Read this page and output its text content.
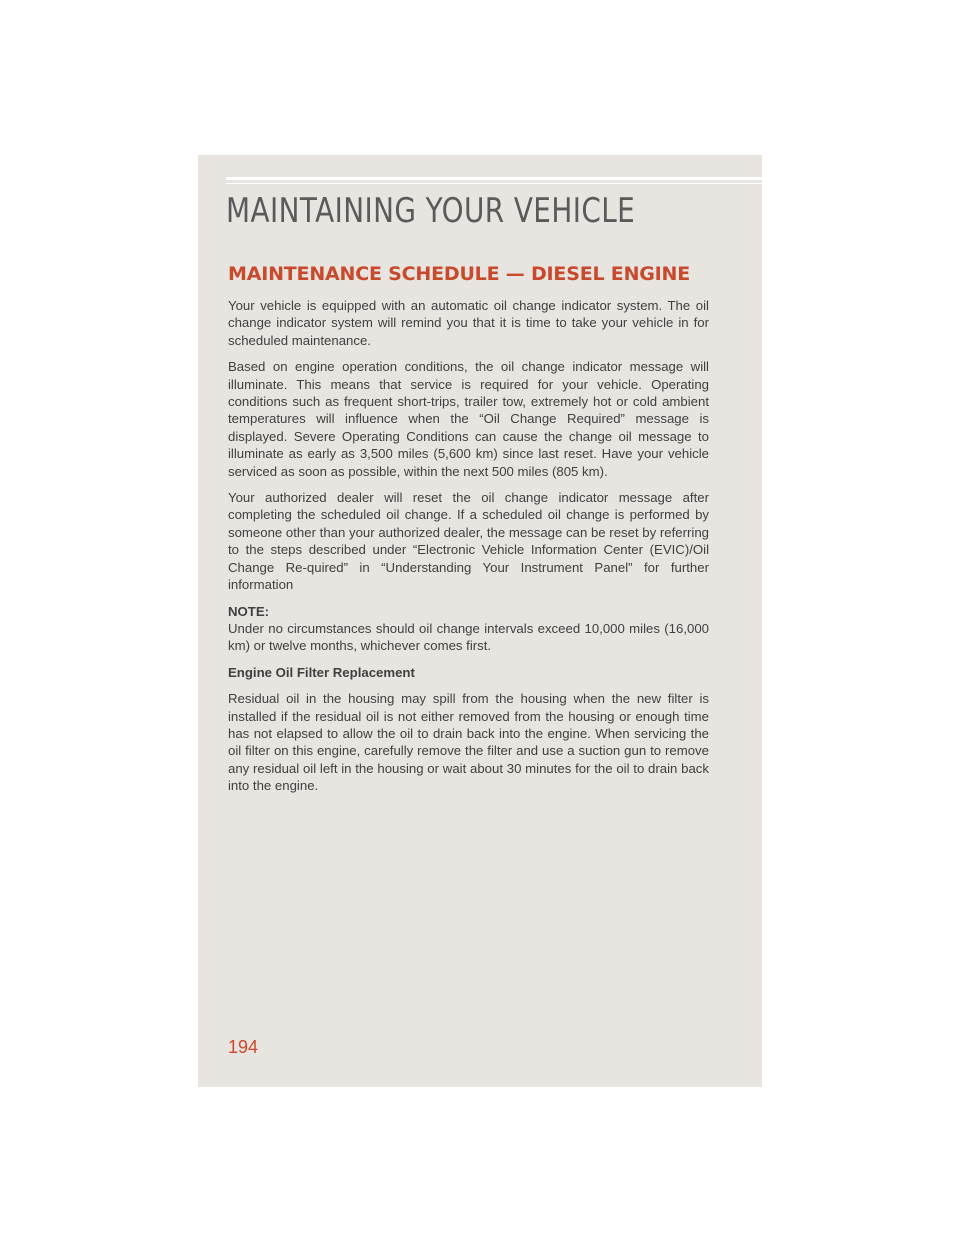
MAINTAINING YOUR VEHICLE
MAINTENANCE SCHEDULE — DIESEL ENGINE

Your vehicle is equipped with an automatic oil change indicator system. The oil change indicator system will remind you that it is time to take your vehicle in for scheduled maintenance.

Based on engine operation conditions, the oil change indicator message will illuminate. This means that service is required for your vehicle. Operating conditions such as frequent short-trips, trailer tow, extremely hot or cold ambient temperatures will influence when the “Oil Change Required” message is displayed. Severe Operating Conditions can cause the change oil message to illuminate as early as 3,500 miles (5,600 km) since last reset. Have your vehicle serviced as soon as possible, within the next 500 miles (805 km).

Your authorized dealer will reset the oil change indicator message after completing the scheduled oil change. If a scheduled oil change is performed by someone other than your authorized dealer, the message can be reset by referring to the steps described under “Electronic Vehicle Information Center (EVIC)/Oil Change Re-quired” in “Understanding Your Instrument Panel” for further information

NOTE:

Under no circumstances should oil change intervals exceed 10,000 miles (16,000 km) or twelve months, whichever comes first.

Engine Oil Filter Replacement

Residual oil in the housing may spill from the housing when the new filter is installed if the residual oil is not either removed from the housing or enough time has not elapsed to allow the oil to drain back into the engine. When servicing the oil filter on this engine, carefully remove the filter and use a suction gun to remove any residual oil left in the housing or wait about 30 minutes for the oil to drain back into the engine.

194
